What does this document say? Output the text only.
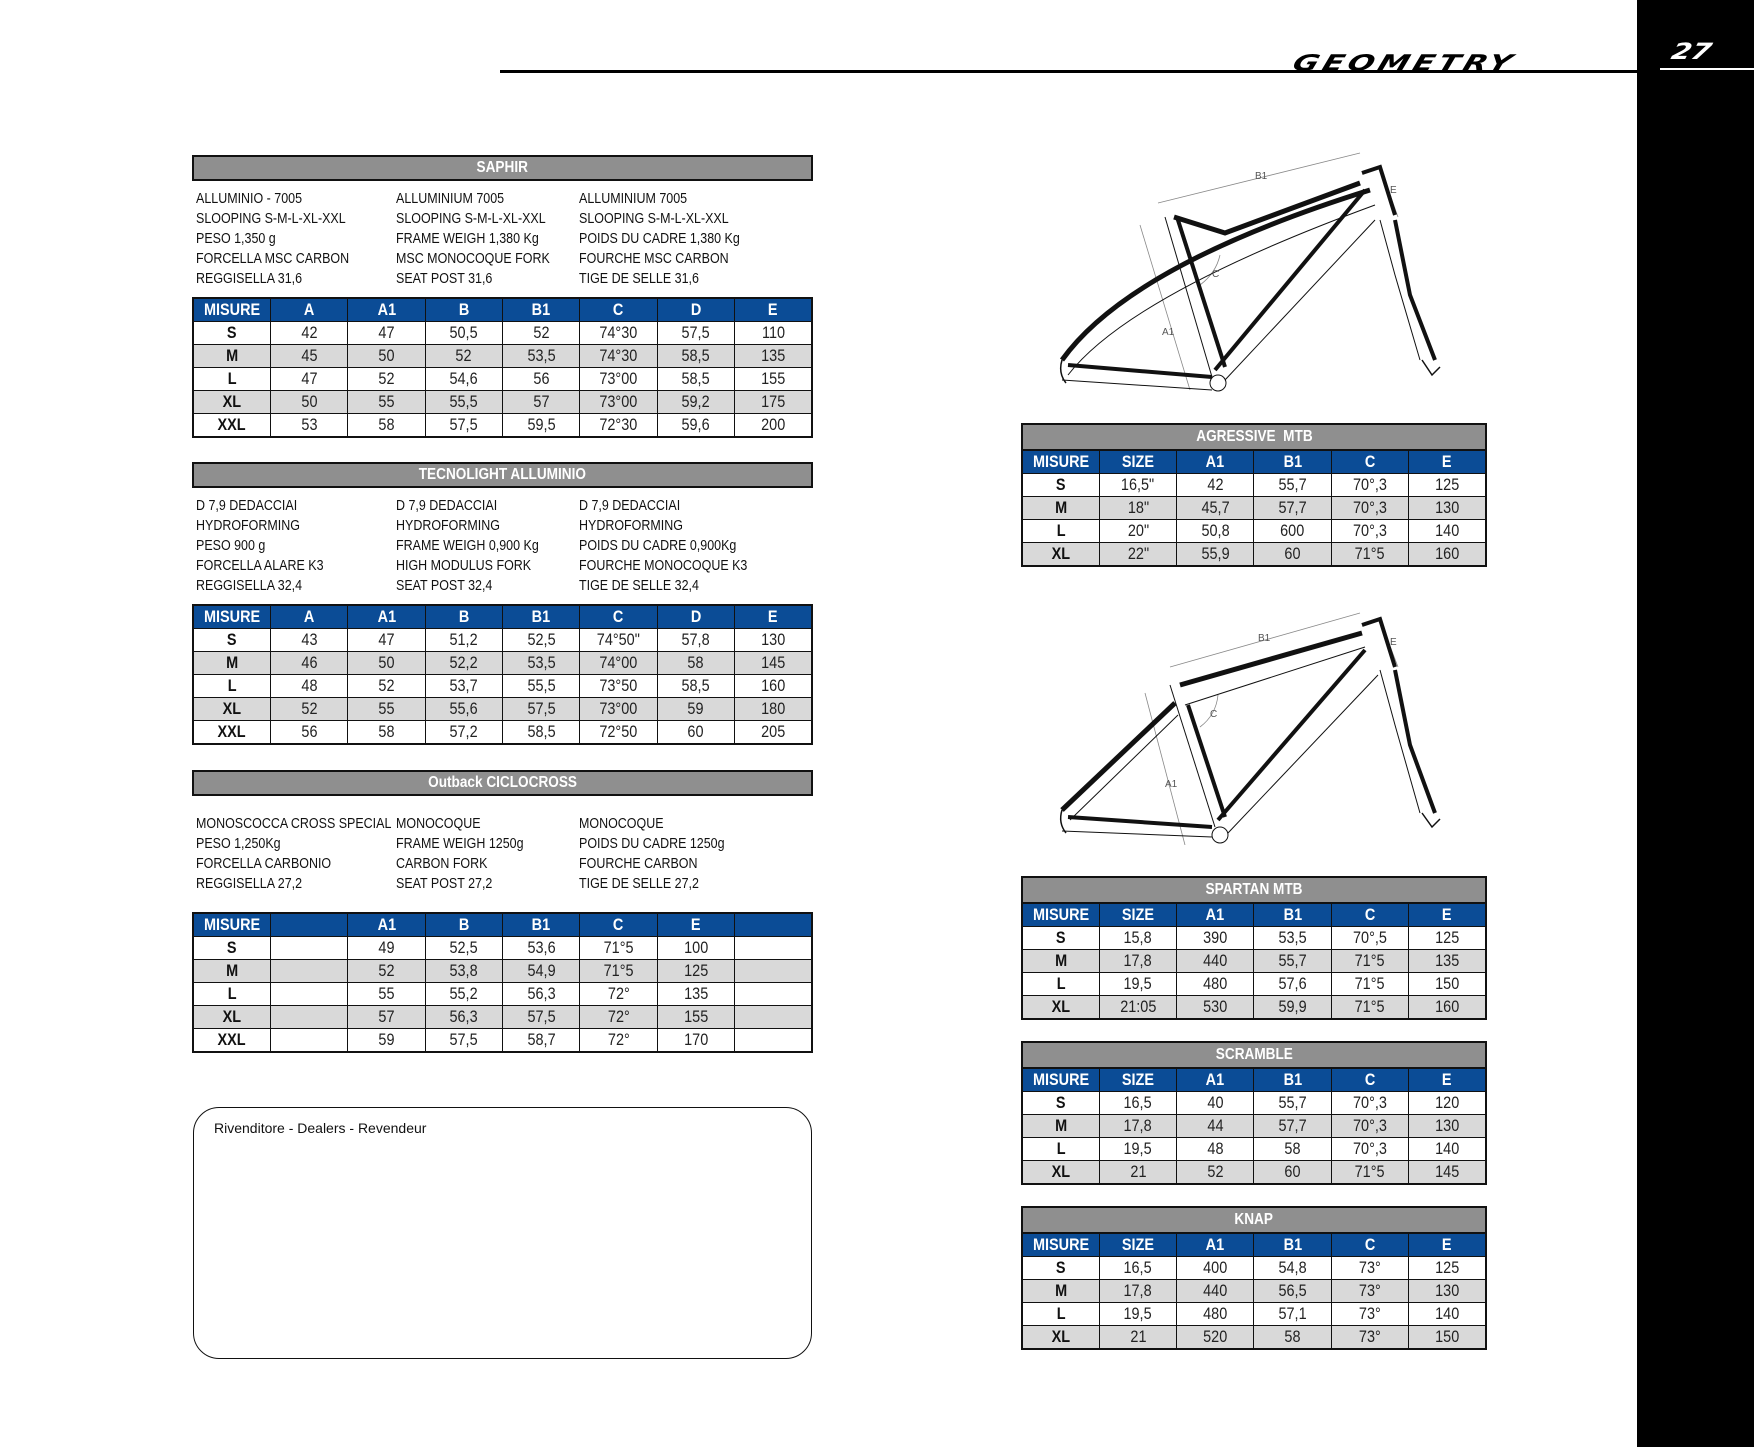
GEOMETRY	27
SAPHIR
ALLUMINIO - 7005
SLOOPING S-M-L-XL-XXL
PESO 1,350 g
FORCELLA MSC CARBON
REGGISELLA 31,6
ALLUMINIUM 7005
SLOOPING S-M-L-XL-XXL
FRAME WEIGH 1,380 Kg
MSC MONOCOQUE FORK
SEAT POST 31,6
ALLUMINIUM 7005
SLOOPING S-M-L-XL-XXL
POIDS DU CADRE 1,380 Kg
FOURCHE MSC CARBON
TIGE DE SELLE 31,6
MISURE	A	A1	B	B1	C	D	E
S	42	47	50,5	52	74°30	57,5	110
M	45	50	52	53,5	74°30	58,5	135
L	47	52	54,6	56	73°00	58,5	155
XL	50	55	55,5	57	73°00	59,2	175
XXL	53	58	57,5	59,5	72°30	59,6	200
TECNOLIGHT ALLUMINIO
D 7,9 DEDACCIAI
HYDROFORMING
PESO 900 g
FORCELLA ALARE K3
REGGISELLA 32,4
D 7,9 DEDACCIAI
HYDROFORMING
FRAME WEIGH 0,900 Kg
HIGH MODULUS FORK
SEAT POST 32,4
D 7,9 DEDACCIAI
HYDROFORMING
POIDS DU CADRE 0,900Kg
FOURCHE MONOCOQUE K3
TIGE DE SELLE 32,4
MISURE	A	A1	B	B1	C	D	E
S	43	47	51,2	52,5	74°50"	57,8	130
M	46	50	52,2	53,5	74°00	58	145
L	48	52	53,7	55,5	73°50	58,5	160
XL	52	55	55,6	57,5	73°00	59	180
XXL	56	58	57,2	58,5	72°50	60	205
Outback CICLOCROSS
MONOSCOCCA CROSS SPECIAL
PESO 1,250Kg
FORCELLA CARBONIO
REGGISELLA 27,2
MONOCOQUE
FRAME WEIGH 1250g
CARBON FORK
SEAT POST 27,2
MONOCOQUE
POIDS DU CADRE 1250g
FOURCHE CARBON
TIGE DE SELLE 27,2
MISURE		A1	B	B1	C	E	
S		49	52,5	53,6	71°5	100	
M		52	53,8	54,9	71°5	125	
L		55	55,2	56,3	72°	135	
XL		57	56,3	57,5	72°	155	
XXL		59	57,5	58,7	72°	170	
Rivenditore - Dealers - Revendeur
B1
E
C
A1
B1	E
C
A1
AGRESSIVE  MTB
MISURE	SIZE	A1	B1	C	E
S	16,5"	42	55,7	70°,3	125
M	18"	45,7	57,7	70°,3	130
L	20"	50,8	600	70°,3	140
XL	22"	55,9	60	71°5	160
SPARTAN MTB
MISURE	SIZE	A1	B1	C	E
S	15,8	390	53,5	70°,5	125
M	17,8	440	55,7	71°5	135
L	19,5	480	57,6	71°5	150
XL	21:05	530	59,9	71°5	160
SCRAMBLE
MISURE	SIZE	A1	B1	C	E
S	16,5	40	55,7	70°,3	120
M	17,8	44	57,7	70°,3	130
L	19,5	48	58	70°,3	140
XL	21	52	60	71°5	145
KNAP
MISURE	SIZE	A1	B1	C	E
S	16,5	400	54,8	73°	125
M	17,8	440	56,5	73°	130
L	19,5	480	57,1	73°	140
XL	21	520	58	73°	150
